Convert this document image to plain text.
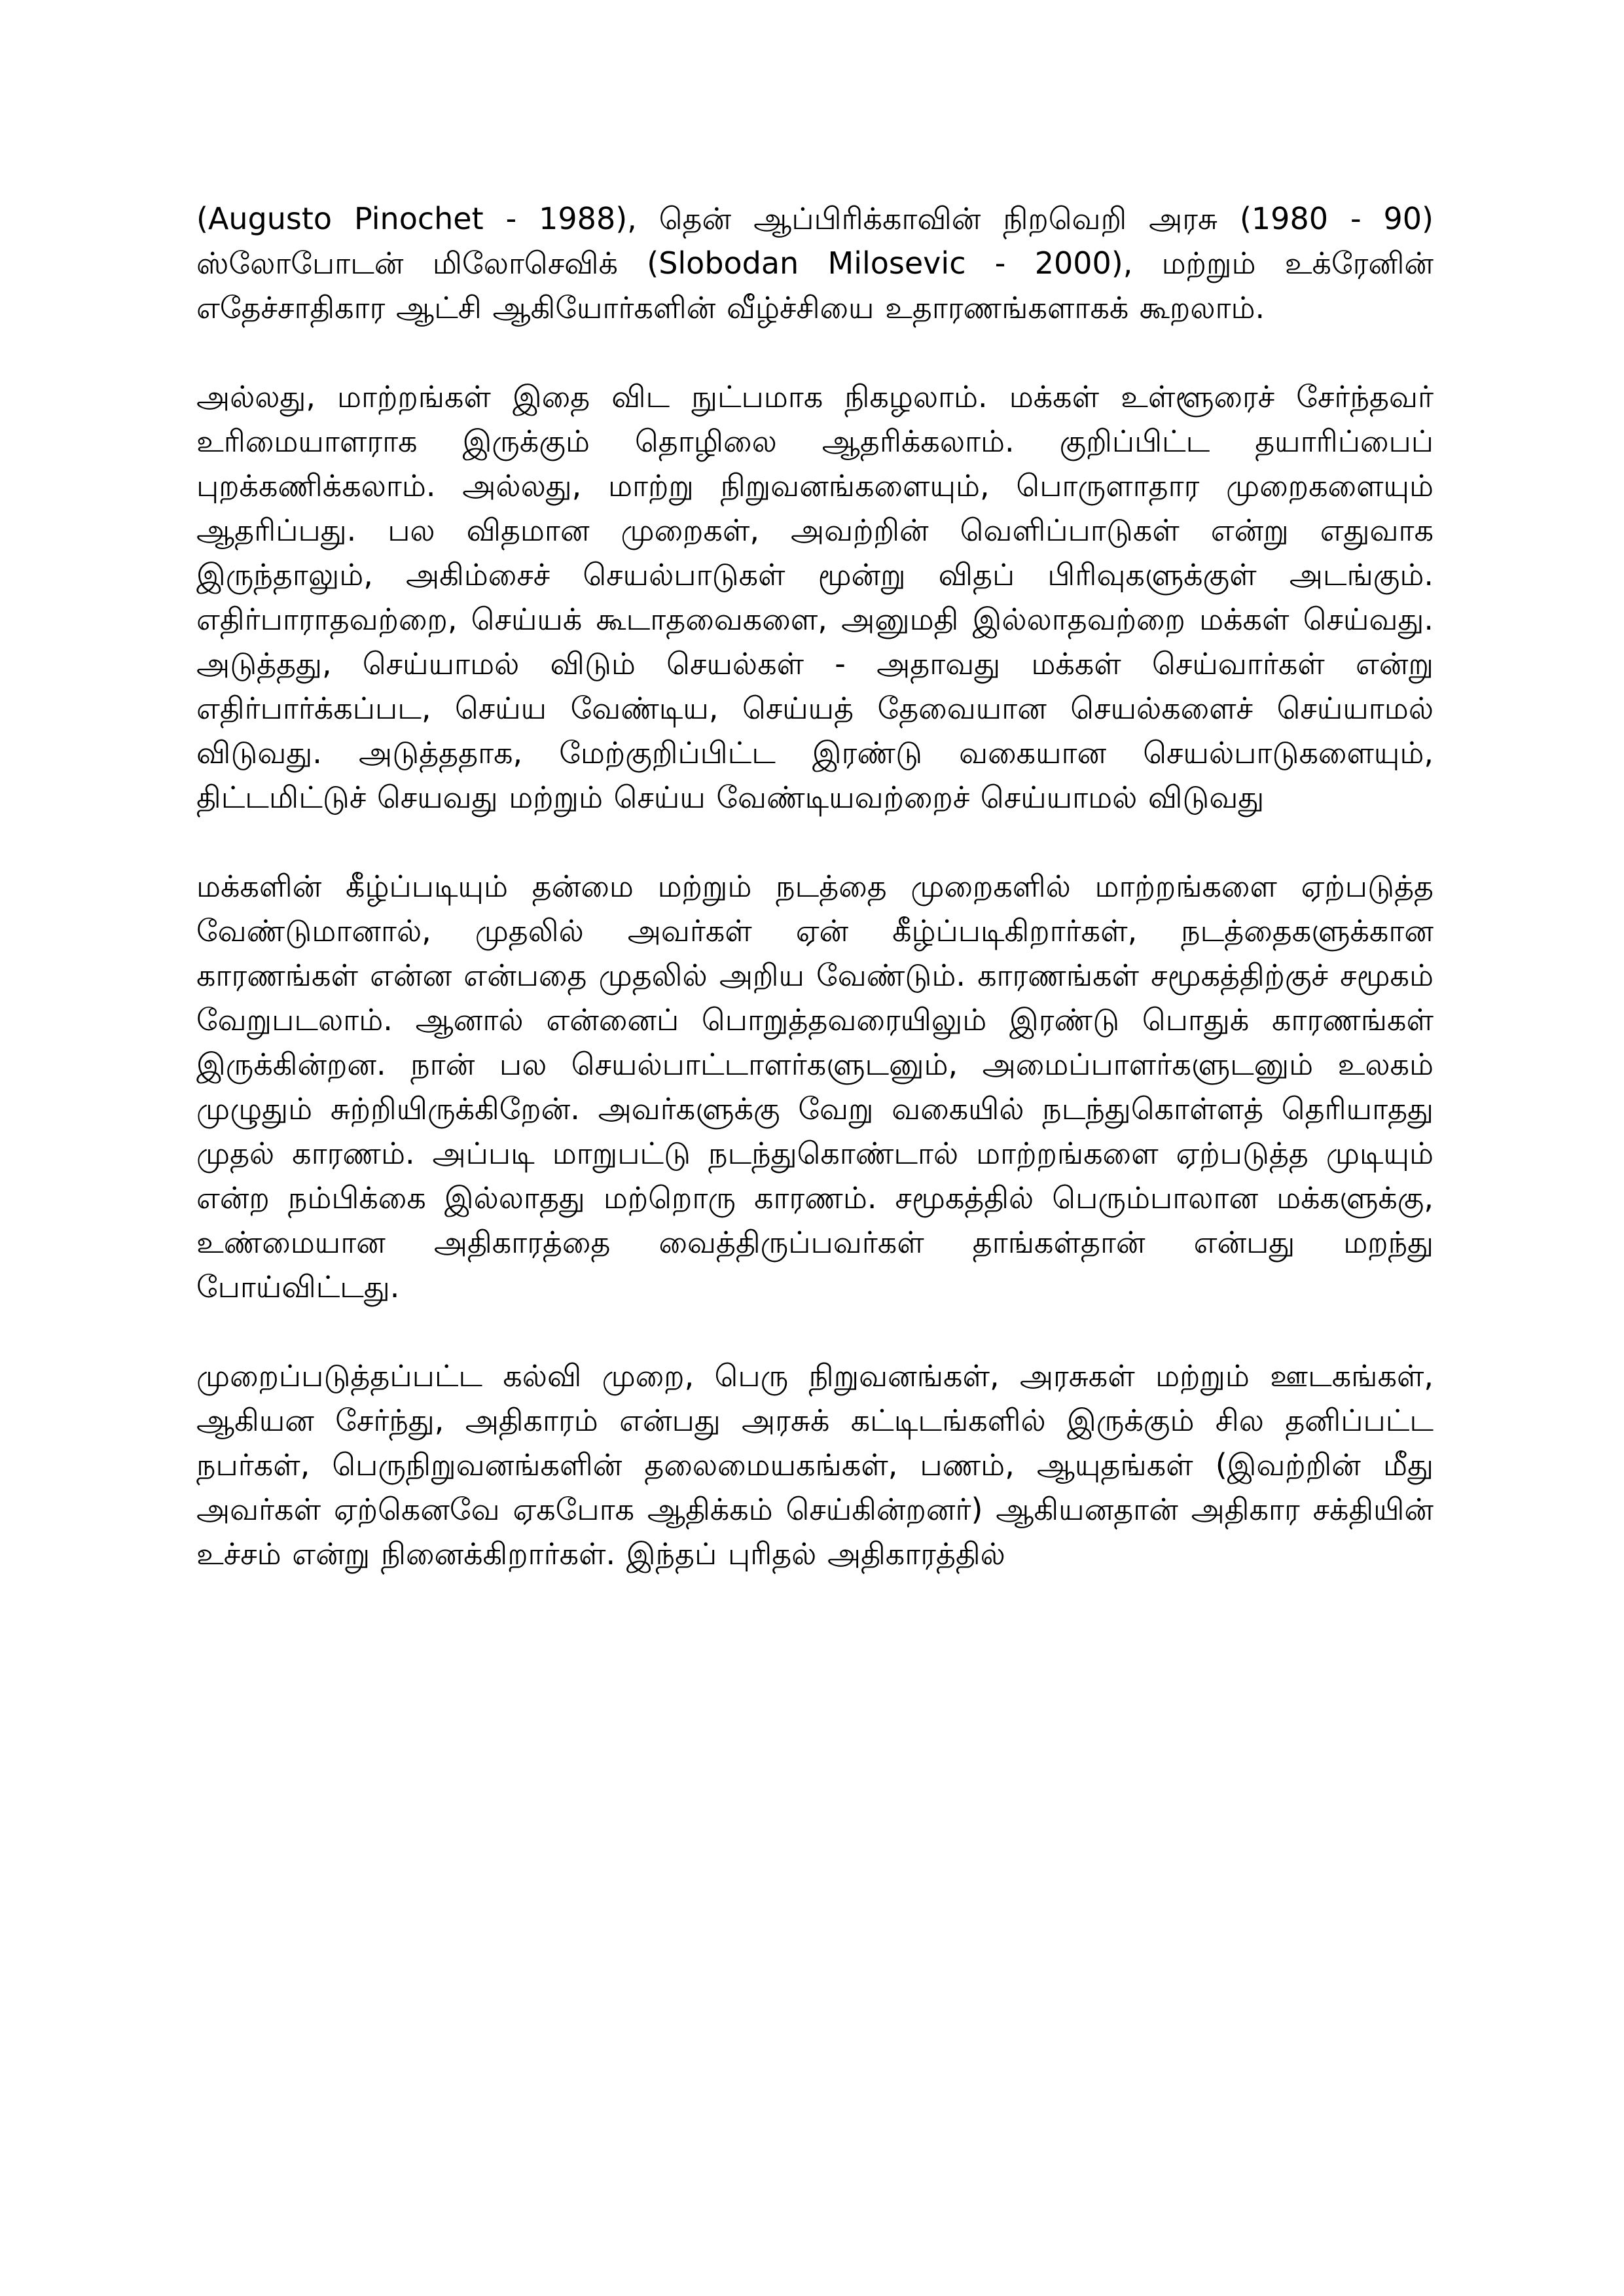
(Augusto Pinochet - 1988), தென் ஆப்பிரிக்காவின் நிறவெறி அரசு (1980 - 90) ஸ்லோபோடன் மிலோசெவிக் (Slobodan Milosevic - 2000), மற்றும் உக்ரேனின் எதேச்சாதிகார ஆட்சி ஆகியோர்களின் வீழ்ச்சியை உதாரணங்களாகக் கூறலாம்.

அல்லது, மாற்றங்கள் இதை விட நுட்பமாக நிகழலாம். மக்கள் உள்ளூரைச் சேர்ந்தவர் உரிமையாளராக இருக்கும் தொழிலை ஆதரிக்கலாம். குறிப்பிட்ட தயாரிப்பைப் புறக்கணிக்கலாம். அல்லது, மாற்று நிறுவனங்களையும், பொருளாதார முறைகளையும் ஆதரிப்பது. பல விதமான முறைகள், அவற்றின் வெளிப்பாடுகள் என்று எதுவாக இருந்தாலும், அகிம்சைச் செயல்பாடுகள் மூன்று விதப் பிரிவுகளுக்குள் அடங்கும். எதிர்பாராதவற்றை, செய்யக் கூடாதவைகளை, அனுமதி இல்லாதவற்றை மக்கள் செய்வது. அடுத்தது, செய்யாமல் விடும் செயல்கள் - அதாவது மக்கள் செய்வார்கள் என்று எதிர்பார்க்கப்பட, செய்ய வேண்டிய, செய்யத் தேவையான செயல்களைச் செய்யாமல் விடுவது. அடுத்ததாக, மேற்குறிப்பிட்ட இரண்டு வகையான செயல்பாடுகளையும், திட்டமிட்டுச் செயவது மற்றும் செய்ய வேண்டியவற்றைச் செய்யாமல் விடுவது

மக்களின் கீழ்ப்படியும் தன்மை மற்றும் நடத்தை முறைகளில் மாற்றங்களை ஏற்படுத்த வேண்டுமானால், முதலில் அவர்கள் ஏன் கீழ்ப்படிகிறார்கள், நடத்தைகளுக்கான காரணங்கள் என்ன என்பதை முதலில் அறிய வேண்டும். காரணங்கள் சமூகத்திற்குச் சமூகம் வேறுபடலாம். ஆனால் என்னைப் பொறுத்தவரையிலும் இரண்டு பொதுக் காரணங்கள் இருக்கின்றன. நான் பல செயல்பாட்டாளர்களுடனும், அமைப்பாளர்களுடனும் உலகம் முழுதும் சுற்றியிருக்கிறேன். அவர்களுக்கு வேறு வகையில் நடந்துகொள்ளத் தெரியாதது முதல் காரணம். அப்படி மாறுபட்டு நடந்துகொண்டால் மாற்றங்களை ஏற்படுத்த முடியும் என்ற நம்பிக்கை இல்லாதது மற்றொரு காரணம். சமூகத்தில் பெரும்பாலான மக்களுக்கு, உண்மையான அதிகாரத்தை வைத்திருப்பவர்கள் தாங்கள்தான் என்பது மறந்து போய்விட்டது.

முறைப்படுத்தப்பட்ட கல்வி முறை, பெரு நிறுவனங்கள், அரசுகள் மற்றும் ஊடகங்கள், ஆகியன சேர்ந்து, அதிகாரம் என்பது அரசுக் கட்டிடங்களில் இருக்கும் சில தனிப்பட்ட நபர்கள், பெருநிறுவனங்களின் தலைமையகங்கள், பணம், ஆயுதங்கள் (இவற்றின் மீது அவர்கள் ஏற்கெனவே ஏகபோக ஆதிக்கம் செய்கின்றனர்) ஆகியனதான் அதிகார சக்தியின் உச்சம் என்று நினைக்கிறார்கள். இந்தப் புரிதல் அதிகாரத்தில்
